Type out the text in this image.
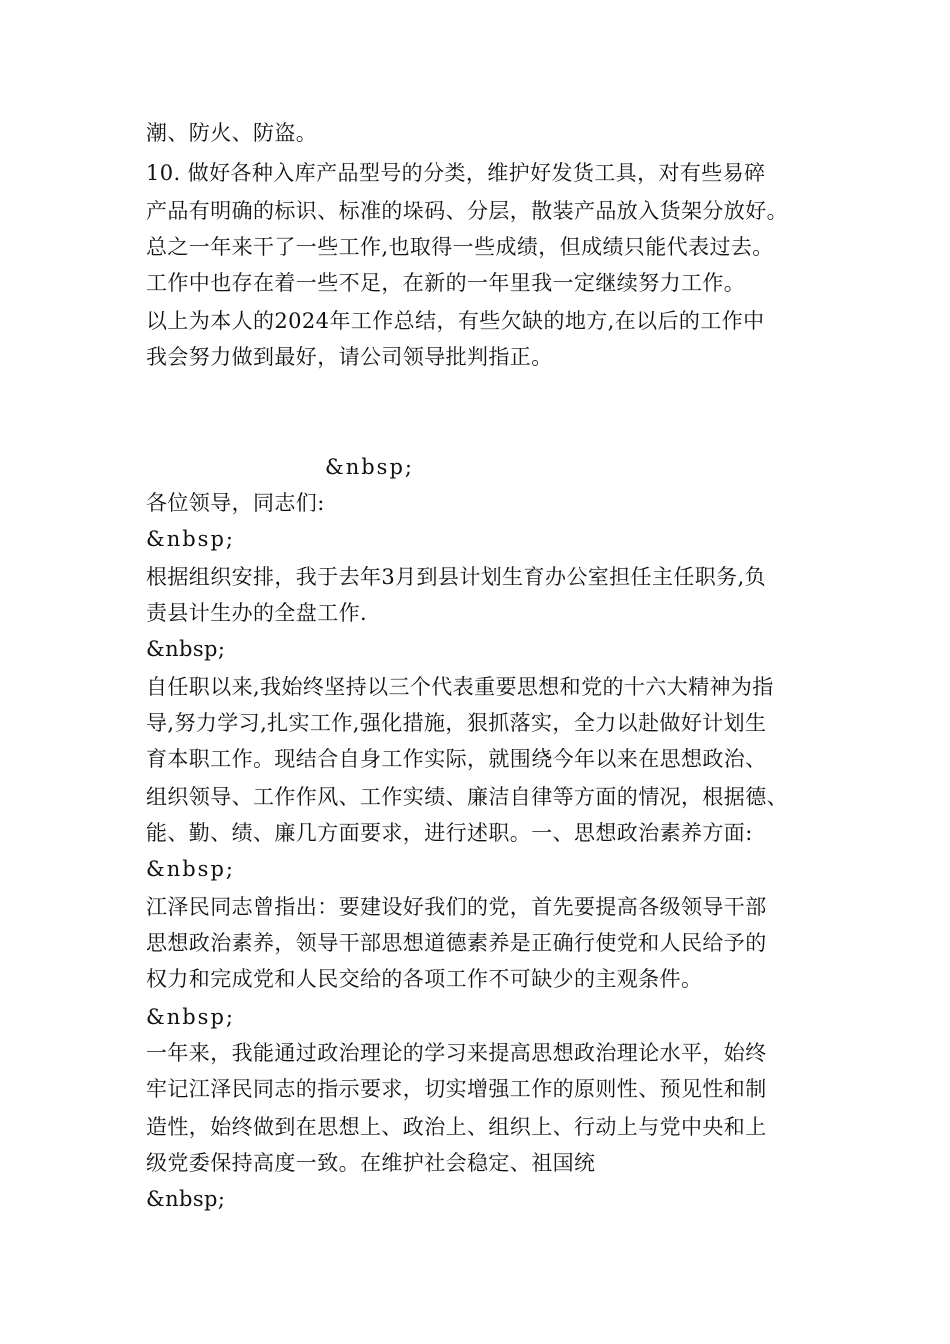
潮、防火、防盗。
10. 做好各种入库产品型号的分类，维护好发货工具，对有些易碎
产品有明确的标识、标准的垛码、分层，散装产品放入货架分放好。
总之一年来干了一些工作,也取得一些成绩，但成绩只能代表过去。
工作中也存在着一些不足，在新的一年里我一定继续努力工作。
以上为本人的2024年工作总结，有些欠缺的地方,在以后的工作中
我会努力做到最好，请公司领导批判指正。
&nbsp;
各位领导，同志们:
&nbsp;
根据组织安排，我于去年3月到县计划生育办公室担任主任职务,负
责县计生办的全盘工作.
&nbsp;
自任职以来,我始终坚持以三个代表重要思想和党的十六大精神为指
导,努力学习,扎实工作,强化措施，狠抓落实，全力以赴做好计划生
育本职工作。现结合自身工作实际，就围绕今年以来在思想政治、
组织领导、工作作风、工作实绩、廉洁自律等方面的情况，根据德、
能、勤、绩、廉几方面要求，进行述职。一、思想政治素养方面:
&nbsp;
江泽民同志曾指出：要建设好我们的党，首先要提高各级领导干部
思想政治素养，领导干部思想道德素养是正确行使党和人民给予的
权力和完成党和人民交给的各项工作不可缺少的主观条件。
&nbsp;
一年来，我能通过政治理论的学习来提高思想政治理论水平，始终
牢记江泽民同志的指示要求，切实增强工作的原则性、预见性和制
造性，始终做到在思想上、政治上、组织上、行动上与党中央和上
级党委保持高度一致。在维护社会稳定、祖国统
&nbsp;
